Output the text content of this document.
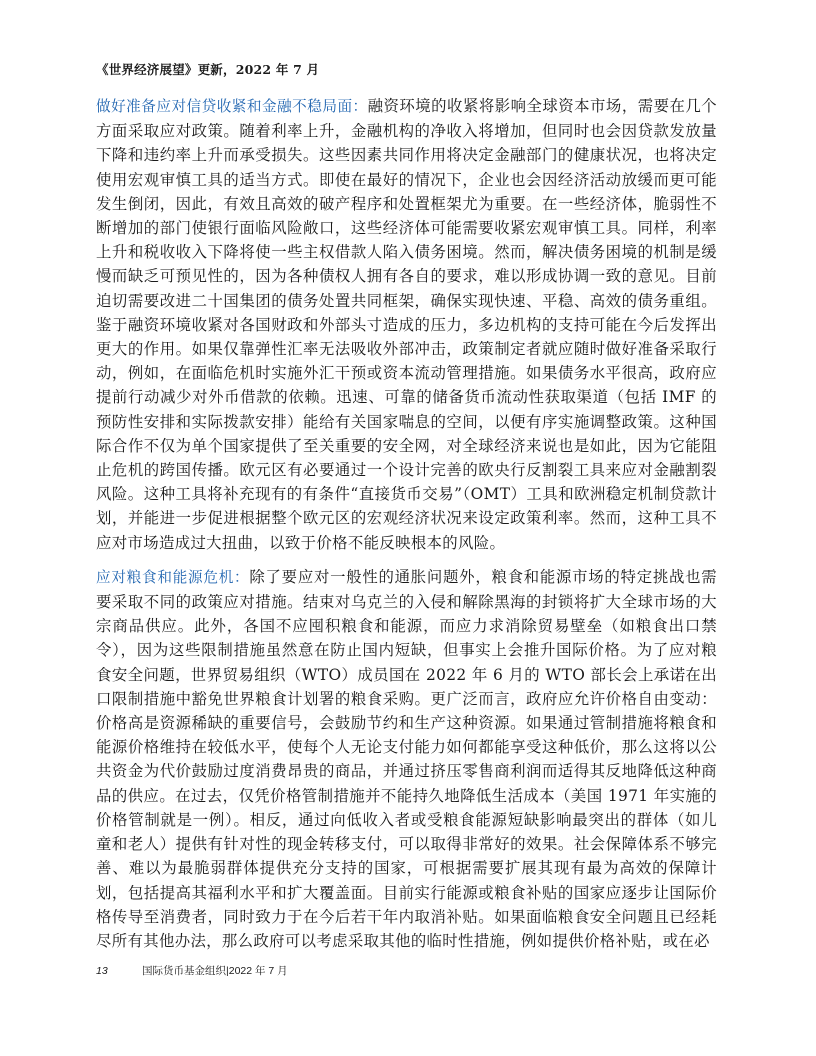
《世界经济展望》更新，2022 年 7 月

做好准备应对信贷收紧和金融不稳局面：融资环境的收紧将影响全球资本市场，需要在几个方面采取应对政策。随着利率上升，金融机构的净收入将增加，但同时也会因贷款发放量下降和违约率上升而承受损失。这些因素共同作用将决定金融部门的健康状况，也将决定使用宏观审慎工具的适当方式。即使在最好的情况下，企业也会因经济活动放缓而更可能发生倒闭，因此，有效且高效的破产程序和处置框架尤为重要。在一些经济体，脆弱性不断增加的部门使银行面临风险敞口，这些经济体可能需要收紧宏观审慎工具。同样，利率上升和税收收入下降将使一些主权借款人陷入债务困境。然而，解决债务困境的机制是缓慢而缺乏可预见性的，因为各种债权人拥有各自的要求，难以形成协调一致的意见。目前迫切需要改进二十国集团的债务处置共同框架，确保实现快速、平稳、高效的债务重组。鉴于融资环境收紧对各国财政和外部头寸造成的压力，多边机构的支持可能在今后发挥出更大的作用。如果仅靠弹性汇率无法吸收外部冲击，政策制定者就应随时做好准备采取行动，例如，在面临危机时实施外汇干预或资本流动管理措施。如果债务水平很高，政府应提前行动减少对外币借款的依赖。迅速、可靠的储备货币流动性获取渠道（包括 IMF 的预防性安排和实际拨款安排）能给有关国家喘息的空间，以便有序实施调整政策。这种国际合作不仅为单个国家提供了至关重要的安全网，对全球经济来说也是如此，因为它能阻止危机的跨国传播。欧元区有必要通过一个设计完善的欧央行反割裂工具来应对金融割裂风险。这种工具将补充现有的有条件“直接货币交易”（OMT）工具和欧洲稳定机制贷款计划，并能进一步促进根据整个欧元区的宏观经济状况来设定政策利率。然而，这种工具不应对市场造成过大扭曲，以致于价格不能反映根本的风险。

应对粮食和能源危机：除了要应对一般性的通胀问题外，粮食和能源市场的特定挑战也需要采取不同的政策应对措施。结束对乌克兰的入侵和解除黑海的封锁将扩大全球市场的大宗商品供应。此外，各国不应囤积粮食和能源，而应力求消除贸易壁垒（如粮食出口禁令），因为这些限制措施虽然意在防止国内短缺，但事实上会推升国际价格。为了应对粮食安全问题，世界贸易组织（WTO）成员国在 2022 年 6 月的 WTO 部长会上承诺在出口限制措施中豁免世界粮食计划署的粮食采购。更广泛而言，政府应允许价格自由变动：价格高是资源稀缺的重要信号，会鼓励节约和生产这种资源。如果通过管制措施将粮食和能源价格维持在较低水平，使每个人无论支付能力如何都能享受这种低价，那么这将以公共资金为代价鼓励过度消费昂贵的商品，并通过挤压零售商利润而适得其反地降低这种商品的供应。在过去，仅凭价格管制措施并不能持久地降低生活成本（美国 1971 年实施的价格管制就是一例）。相反，通过向低收入者或受粮食能源短缺影响最突出的群体（如儿童和老人）提供有针对性的现金转移支付，可以取得非常好的效果。社会保障体系不够完善、难以为最脆弱群体提供充分支持的国家，可根据需要扩展其现有最为高效的保障计划，包括提高其福利水平和扩大覆盖面。目前实行能源或粮食补贴的国家应逐步让国际价格传导至消费者，同时致力于在今后若干年内取消补贴。如果面临粮食安全问题且已经耗尽所有其他办法，那么政府可以考虑采取其他的临时性措施，例如提供价格补贴，或在必

13	国际货币基金组织|2022 年 7 月
